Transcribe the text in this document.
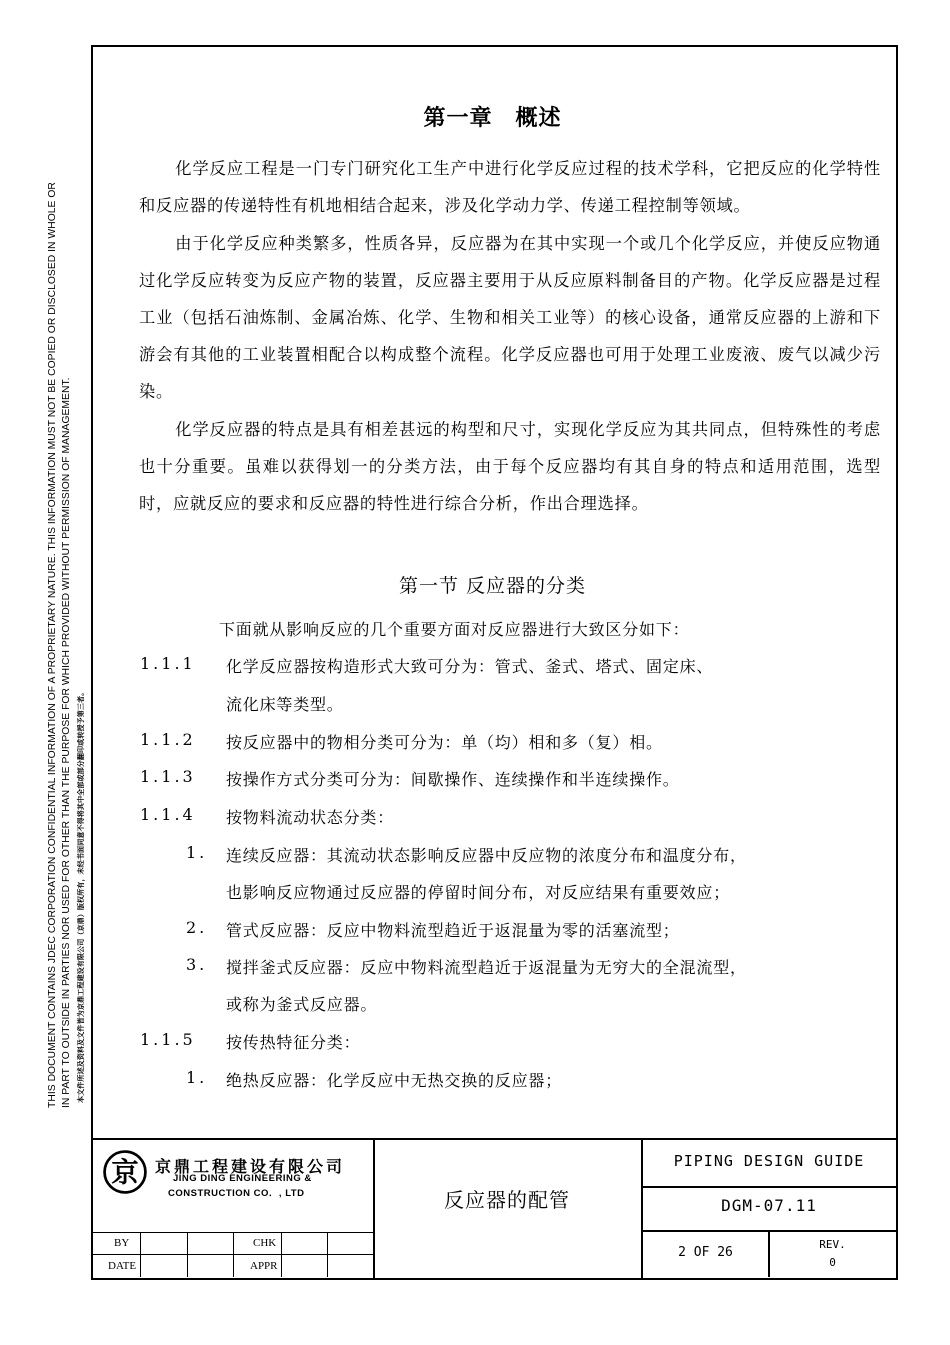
THIS DOCUMENT CONTAINS JDEC CORPORATION CONFIDENTIAL INFORMATION OF A PROPRIETARY NATURE. THIS INFORMATION MUST NOT BE COPIED OR DISCLOSED IN WHOLE OR IN PART TO OUTSIDE IN PARTIES NOR USED FOR OTHER THAN THE PURPOSE FOR WHICH PROVIDED WITHOUT PERMISSION OF MANAGEMENT. 本文件所述及资料及文件皆为京鼎工程建设有限公司（京鼎）版权所有，未经书面同意不得将其中全部或部分翻印或转授予第三者。
第一章　概述
化学反应工程是一门专门研究化工生产中进行化学反应过程的技术学科，它把反应的化学特性和反应器的传递特性有机地相结合起来，涉及化学动力学、传递工程控制等领域。
由于化学反应种类繁多，性质各异，反应器为在其中实现一个或几个化学反应，并使反应物通过化学反应转变为反应产物的装置，反应器主要用于从反应原料制备目的产物。化学反应器是过程工业（包括石油炼制、金属冶炼、化学、生物和相关工业等）的核心设备，通常反应器的上游和下游会有其他的工业装置相配合以构成整个流程。化学反应器也可用于处理工业废液、废气以减少污染。
化学反应器的特点是具有相差甚远的构型和尺寸，实现化学反应为其共同点，但特殊性的考虑也十分重要。虽难以获得划一的分类方法，由于每个反应器均有其自身的特点和适用范围，选型时，应就反应的要求和反应器的特性进行综合分析，作出合理选择。
第一节 反应器的分类
下面就从影响反应的几个重要方面对反应器进行大致区分如下：
1.1.1 化学反应器按构造形式大致可分为：管式、釜式、塔式、固定床、
流化床等类型。
1.1.2 按反应器中的物相分类可分为：单（均）相和多（复）相。
1.1.3 按操作方式分类可分为：间歇操作、连续操作和半连续操作。
1.1.4 按物料流动状态分类：
1. 连续反应器：其流动状态影响反应器中反应物的浓度分布和温度分布，
也影响反应物通过反应器的停留时间分布，对反应结果有重要效应；
2. 管式反应器：反应中物料流型趋近于返混量为零的活塞流型；
3. 搅拌釜式反应器：反应中物料流型趋近于返混量为无穷大的全混流型，
或称为釜式反应器。
1.1.5 按传热特征分类：
1. 绝热反应器：化学反应中无热交换的反应器；
BY
DATE
CHK
APPR
京 京鼎工程建设有限公司
JING DING ENGINEERING &
CONSTRUCTION CO．, LTD	反应器的配管
PIPING DESIGN GUIDE
DGM-07.11
2 OF 26
REV.
0
